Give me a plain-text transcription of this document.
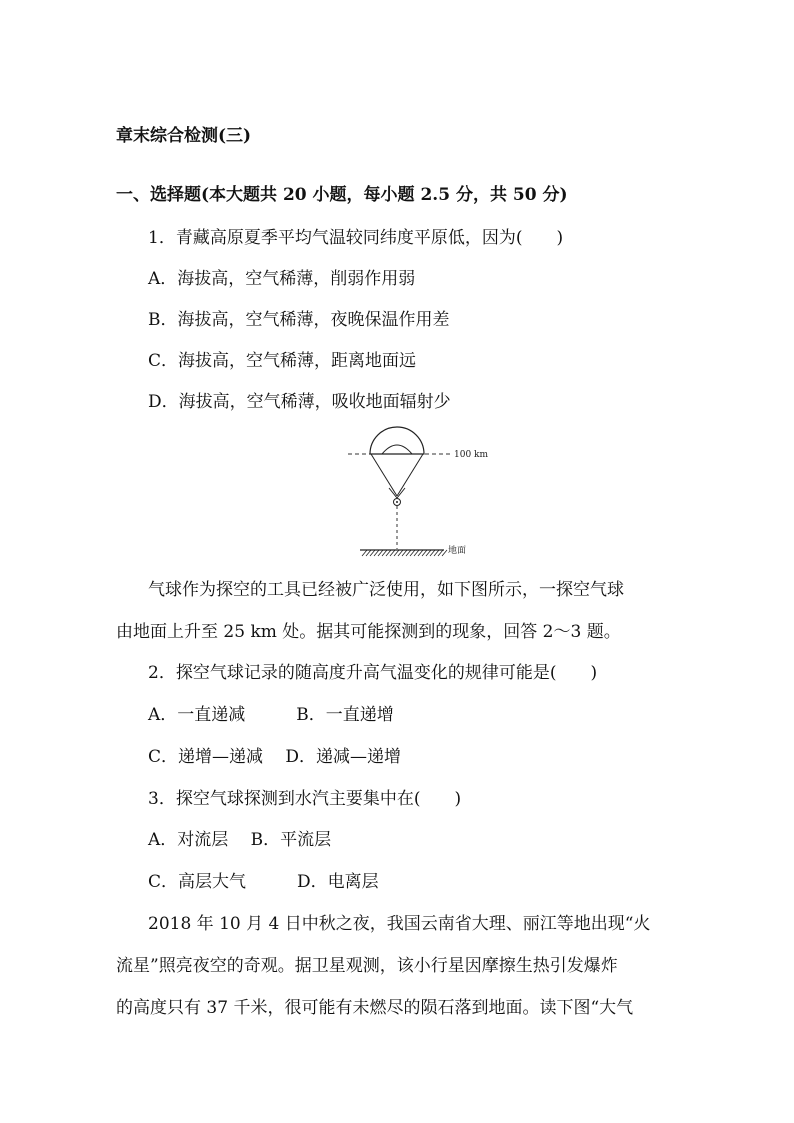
章末综合检测(三)
一、选择题(本大题共 20 小题，每小题 2.5 分，共 50 分)
1．青藏高原夏季平均气温较同纬度平原低，因为(　　)
A．海拔高，空气稀薄，削弱作用弱
B．海拔高，空气稀薄，夜晚保温作用差
C．海拔高，空气稀薄，距离地面远
D．海拔高，空气稀薄，吸收地面辐射少
100 km
地面
气球作为探空的工具已经被广泛使用，如下图所示，一探空气球
由地面上升至 25 km 处。据其可能探测到的现象，回答 2～3 题。
2．探空气球记录的随高度升高气温变化的规律可能是(　　)
A．一直递减　　　B．一直递增
C．递增—递减　 D．递减—递增
3．探空气球探测到水汽主要集中在(　　)
A．对流层　 B．平流层
C．高层大气　　　D．电离层
2018 年 10 月 4 日中秋之夜，我国云南省大理、丽江等地出现“火
流星”照亮夜空的奇观。据卫星观测，该小行星因摩擦生热引发爆炸
的高度只有 37 千米，很可能有未燃尽的陨石落到地面。读下图“大气
